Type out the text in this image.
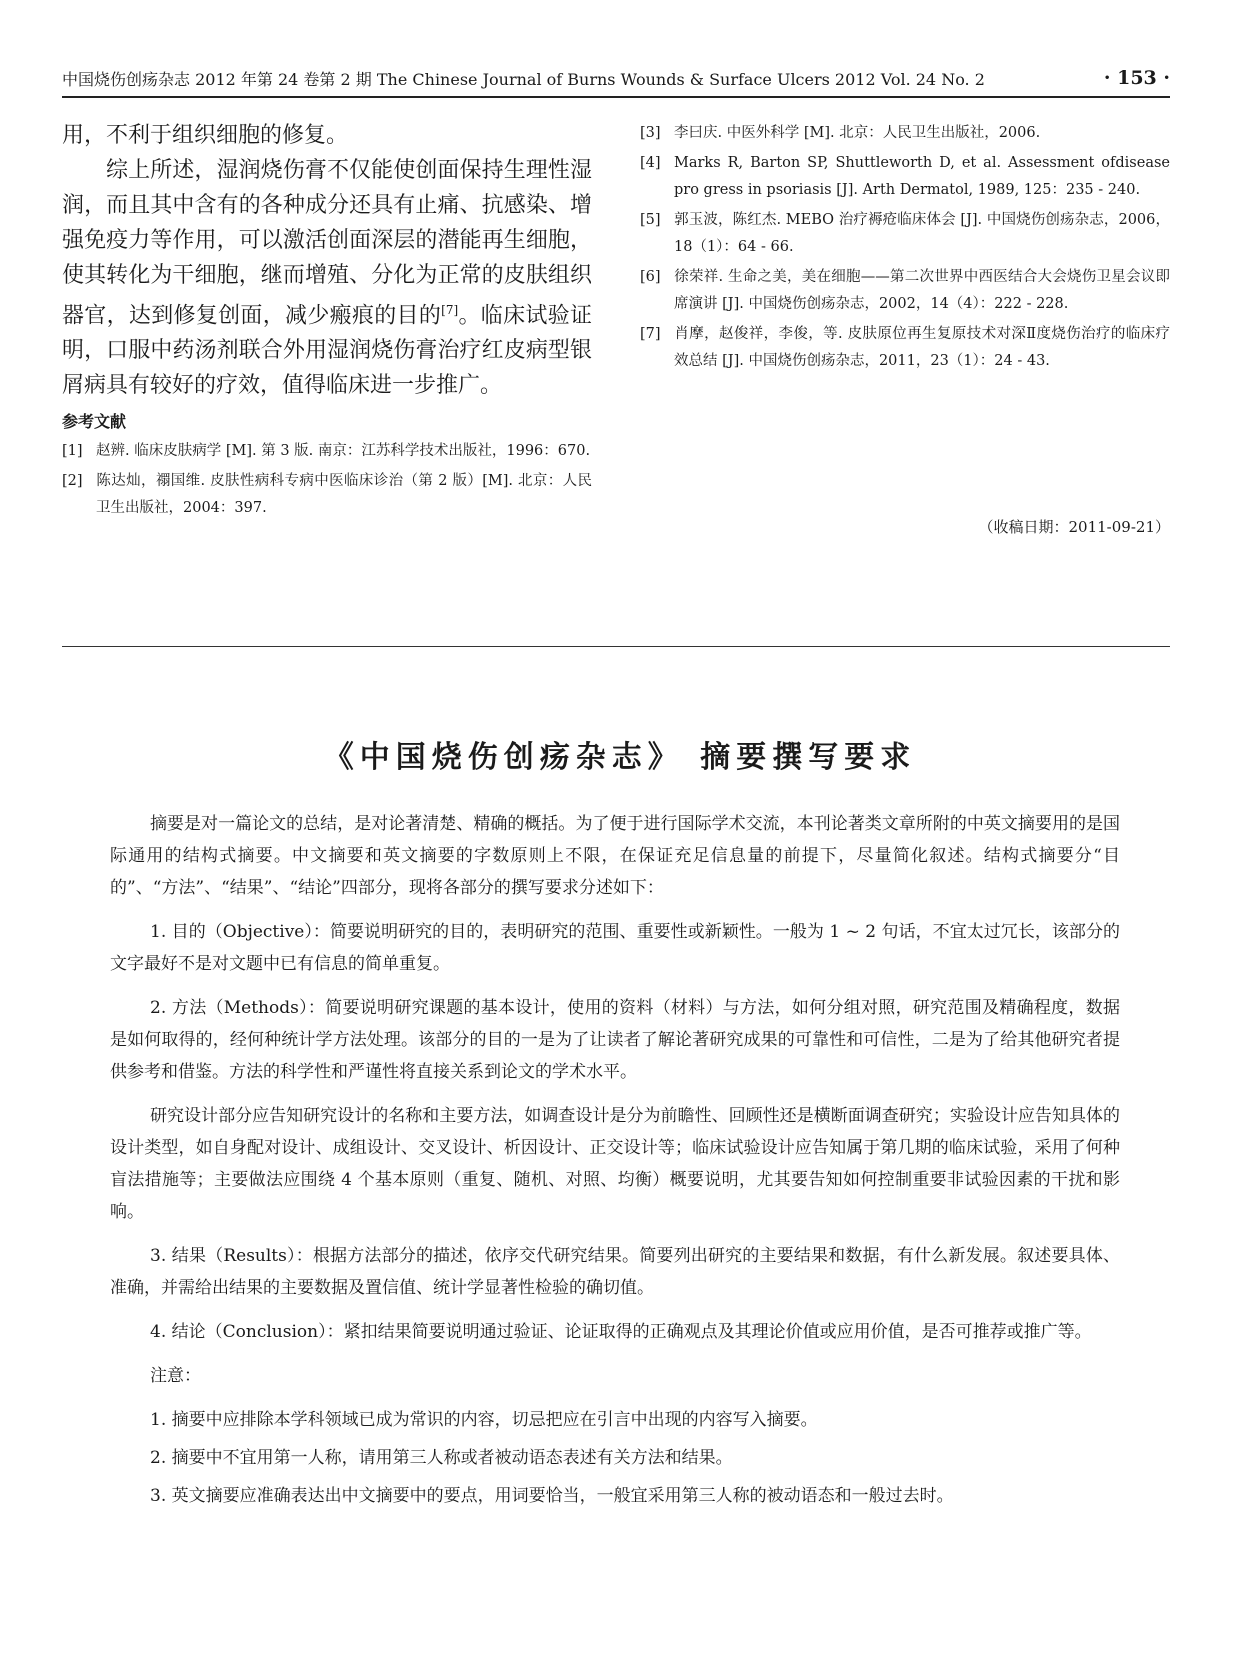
中国烧伤创疡杂志 2012 年第 24 卷第 2 期 The Chinese Journal of Burns Wounds & Surface Ulcers 2012 Vol. 24 No. 2	· 153 ·

用，不利于组织细胞的修复。

综上所述，湿润烧伤膏不仅能使创面保持生理性湿润，而且其中含有的各种成分还具有止痛、抗感染、增强免疫力等作用，可以激活创面深层的潜能再生细胞，使其转化为干细胞，继而增殖、分化为正常的皮肤组织器官，达到修复创面，减少瘢痕的目的[7]。临床试验证明，口服中药汤剂联合外用湿润烧伤膏治疗红皮病型银屑病具有较好的疗效，值得临床进一步推广。

参考文献

[1] 赵辨. 临床皮肤病学 [M]. 第 3 版. 南京：江苏科学技术出版社，1996：670.

[2] 陈达灿，禤国维. 皮肤性病科专病中医临床诊治（第 2 版）[M]. 北京：人民卫生出版社，2004：397.

[3] 李曰庆. 中医外科学 [M]. 北京：人民卫生出版社，2006.

[4] Marks R, Barton SP, Shuttleworth D, et al. Assessment ofdisease pro gress in psoriasis [J]. Arth Dermatol, 1989, 125：235 - 240.

[5] 郭玉波，陈红杰. MEBO 治疗褥疮临床体会 [J]. 中国烧伤创疡杂志，2006，18（1）：64 - 66.

[6] 徐荣祥. 生命之美，美在细胞——第二次世界中西医结合大会烧伤卫星会议即席演讲 [J]. 中国烧伤创疡杂志，2002，14（4）：222 - 228.

[7] 肖摩，赵俊祥，李俊，等. 皮肤原位再生复原技术对深Ⅱ度烧伤治疗的临床疗效总结 [J]. 中国烧伤创疡杂志，2011，23（1）：24 - 43.

（收稿日期：2011-09-21）
《中国烧伤创疡杂志》 摘要撰写要求

摘要是对一篇论文的总结，是对论著清楚、精确的概括。为了便于进行国际学术交流，本刊论著类文章所附的中英文摘要用的是国际通用的结构式摘要。中文摘要和英文摘要的字数原则上不限，在保证充足信息量的前提下，尽量简化叙述。结构式摘要分“目的”、“方法”、“结果”、“结论”四部分，现将各部分的撰写要求分述如下：

1. 目的（Objective）：简要说明研究的目的，表明研究的范围、重要性或新颖性。一般为 1 ~ 2 句话，不宜太过冗长，该部分的文字最好不是对文题中已有信息的简单重复。

2. 方法（Methods）：简要说明研究课题的基本设计，使用的资料（材料）与方法，如何分组对照，研究范围及精确程度，数据是如何取得的，经何种统计学方法处理。该部分的目的一是为了让读者了解论著研究成果的可靠性和可信性，二是为了给其他研究者提供参考和借鉴。方法的科学性和严谨性将直接关系到论文的学术水平。

研究设计部分应告知研究设计的名称和主要方法，如调查设计是分为前瞻性、回顾性还是横断面调查研究；实验设计应告知具体的设计类型，如自身配对设计、成组设计、交叉设计、析因设计、正交设计等；临床试验设计应告知属于第几期的临床试验，采用了何种盲法措施等；主要做法应围绕 4 个基本原则（重复、随机、对照、均衡）概要说明，尤其要告知如何控制重要非试验因素的干扰和影响。

3. 结果（Results）：根据方法部分的描述，依序交代研究结果。简要列出研究的主要结果和数据，有什么新发展。叙述要具体、准确，并需给出结果的主要数据及置信值、统计学显著性检验的确切值。

4. 结论（Conclusion）：紧扣结果简要说明通过验证、论证取得的正确观点及其理论价值或应用价值，是否可推荐或推广等。

注意：

1. 摘要中应排除本学科领域已成为常识的内容，切忌把应在引言中出现的内容写入摘要。

2. 摘要中不宜用第一人称，请用第三人称或者被动语态表述有关方法和结果。

3. 英文摘要应准确表达出中文摘要中的要点，用词要恰当，一般宜采用第三人称的被动语态和一般过去时。
